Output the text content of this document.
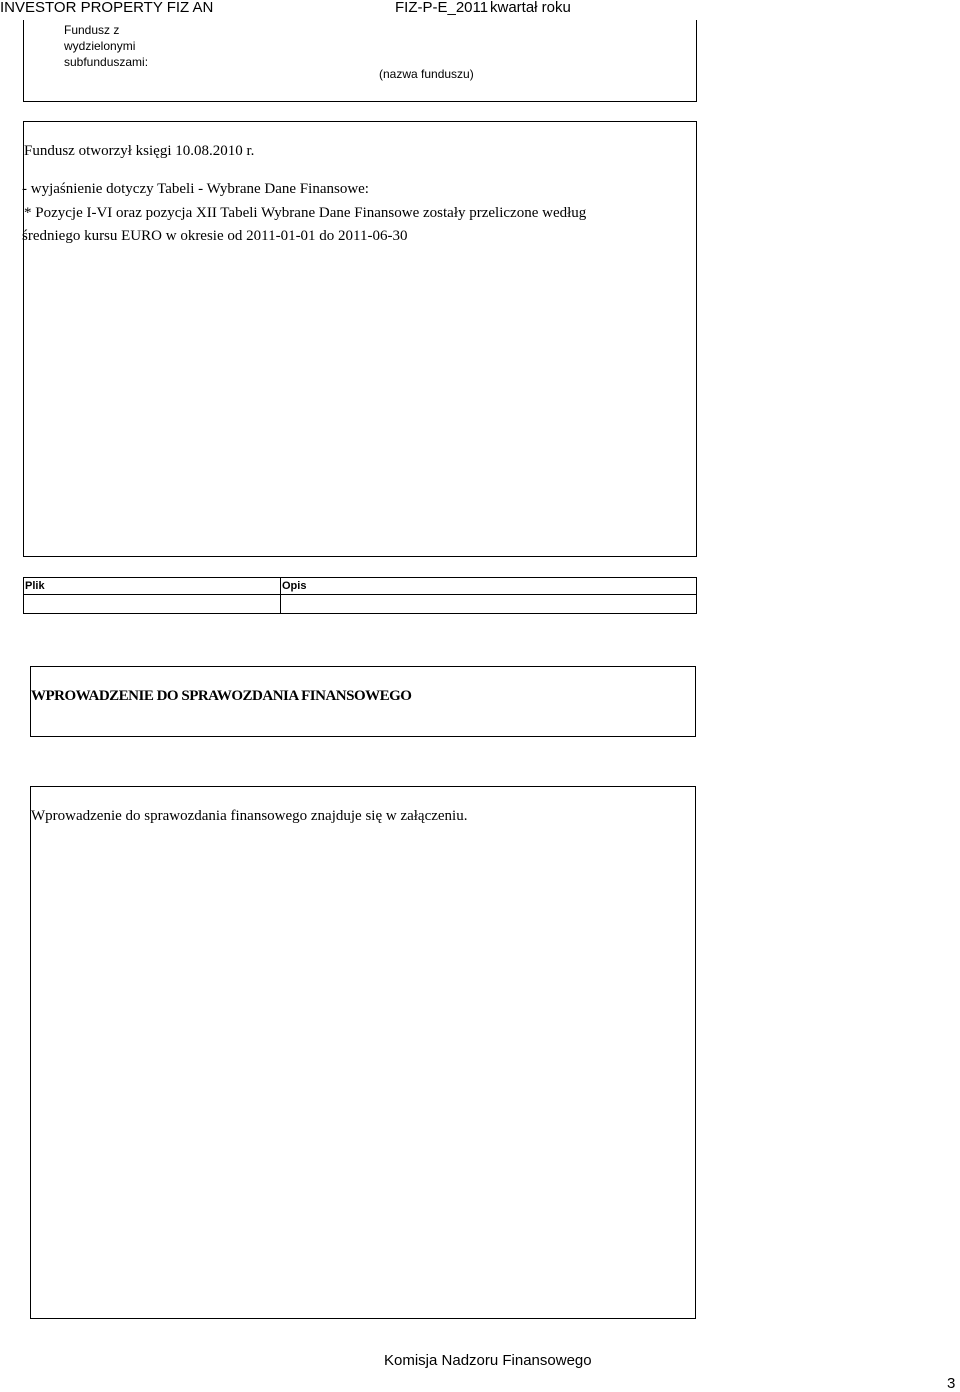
INVESTOR PROPERTY FIZ AN	FIZ-P-E_2011 kwartał roku
Fundusz z
wydzielonymi
subfunduszami:
(nazwa funduszu)
Fundusz otworzył księgi 10.08.2010 r.
- wyjaśnienie dotyczy Tabeli - Wybrane Dane Finansowe:
* Pozycje I-VI oraz pozycja XII Tabeli Wybrane Dane Finansowe zostały przeliczone według
średniego kursu EURO w okresie od 2011-01-01 do 2011-06-30
Plik	Opis
WPROWADZENIE DO SPRAWOZDANIA FINANSOWEGO
Wprowadzenie do sprawozdania finansowego znajduje się w załączeniu.
Komisja Nadzoru Finansowego
3
